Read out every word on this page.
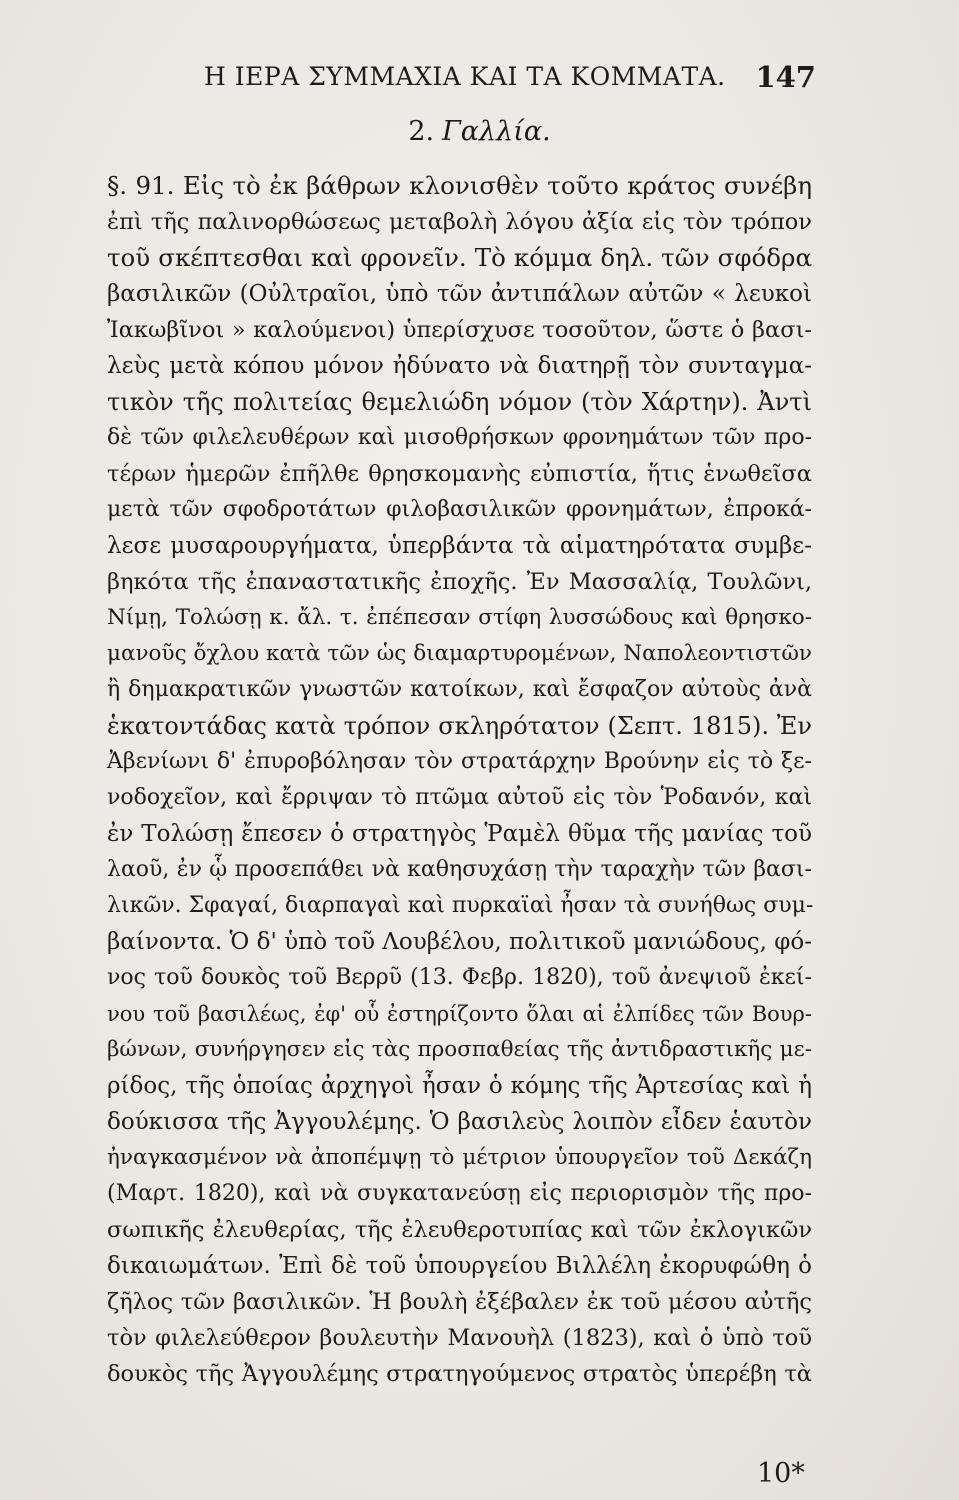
Η ΙΕΡΑ ΣΥΜΜΑΧΙΑ ΚΑΙ ΤΑ ΚΟΜΜΑΤΑ. 147
2. Γαλλία.
§. 91. Εἰς τὸ ἐκ βάθρων κλονισθὲν τοῦτο κράτος συνέβη
ἐπὶ τῆς παλινορθώσεως μεταβολὴ λόγου ἀξία εἰς τὸν τρόπον
τοῦ σκέπτεσθαι καὶ φρονεῖν. Τὸ κόμμα δηλ. τῶν σφόδρα
βασιλικῶν (Οὐλτραῖοι, ὑπὸ τῶν ἀντιπάλων αὐτῶν « λευκοὶ
Ἰακωβῖνοι » καλούμενοι) ὑπερίσχυσε τοσοῦτον, ὥστε ὁ βασι-
λεὺς μετὰ κόπου μόνον ἠδύνατο νὰ διατηρῇ τὸν συνταγμα-
τικὸν τῆς πολιτείας θεμελιώδη νόμον (τὸν Χάρτην). Ἀντὶ
δὲ τῶν φιλελευθέρων καὶ μισοθρήσκων φρονημάτων τῶν προ-
τέρων ἡμερῶν ἐπῆλθε θρησκομανὴς εὐπιστία, ἥτις ἑνωθεῖσα
μετὰ τῶν σφοδροτάτων φιλοβασιλικῶν φρονημάτων, ἐπροκά-
λεσε μυσαρουργήματα, ὑπερβάντα τὰ αἱματηρότατα συμβε-
βηκότα τῆς ἐπαναστατικῆς ἐποχῆς. Ἐν Μασσαλίᾳ, Τουλῶνι,
Νίμῃ, Τολώσῃ κ. ἄλ. τ. ἐπέπεσαν στίφη λυσσώδους καὶ θρησκο-
μανοῦς ὄχλου κατὰ τῶν ὡς διαμαρτυρομένων, Ναπολεοντιστῶν
ἢ δημακρατικῶν γνωστῶν κατοίκων, καὶ ἔσφαζον αὐτοὺς ἀνὰ
ἑκατοντάδας κατὰ τρόπον σκληρότατον (Σεπτ. 1815). Ἐν
Ἀβενίωνι δ' ἐπυροβόλησαν τὸν στρατάρχην Βρούνην εἰς τὸ ξε-
νοδοχεῖον, καὶ ἔρριψαν τὸ πτῶμα αὐτοῦ εἰς τὸν Ῥοδανόν, καὶ
ἐν Τολώσῃ ἔπεσεν ὁ στρατηγὸς Ῥαμὲλ θῦμα τῆς μανίας τοῦ
λαοῦ, ἐν ᾧ προσεπάθει νὰ καθησυχάσῃ τὴν ταραχὴν τῶν βασι-
λικῶν. Σφαγαί, διαρπαγαὶ καὶ πυρκαϊαὶ ἦσαν τὰ συνήθως συμ-
βαίνοντα. Ὁ δ' ὑπὸ τοῦ Λουβέλου, πολιτικοῦ μανιώδους, φό-
νος τοῦ δουκὸς τοῦ Βερρῦ (13. Φεβρ. 1820), τοῦ ἀνεψιοῦ ἐκεί-
νου τοῦ βασιλέως, ἐφ' οὗ ἐστηρίζοντο ὅλαι αἱ ἐλπίδες τῶν Βουρ-
βώνων, συνήργησεν εἰς τὰς προσπαθείας τῆς ἀντιδραστικῆς με-
ρίδος, τῆς ὁποίας ἀρχηγοὶ ἦσαν ὁ κόμης τῆς Ἀρτεσίας καὶ ἡ
δούκισσα τῆς Ἀγγουλέμης. Ὁ βασιλεὺς λοιπὸν εἶδεν ἑαυτὸν
ἠναγκασμένον νὰ ἀποπέμψῃ τὸ μέτριον ὑπουργεῖον τοῦ Δεκάζη
(Μαρτ. 1820), καὶ νὰ συγκατανεύσῃ εἰς περιορισμὸν τῆς προ-
σωπικῆς ἐλευθερίας, τῆς ἐλευθεροτυπίας καὶ τῶν ἐκλογικῶν
δικαιωμάτων. Ἐπὶ δὲ τοῦ ὑπουργείου Βιλλέλη ἐκορυφώθη ὁ
ζῆλος τῶν βασιλικῶν. Ἡ βουλὴ ἐξέβαλεν ἐκ τοῦ μέσου αὐτῆς
τὸν φιλελεύθερον βουλευτὴν Μανουὴλ (1823), καὶ ὁ ὑπὸ τοῦ
δουκὸς τῆς Ἀγγουλέμης στρατηγούμενος στρατὸς ὑπερέβη τὰ
10*
